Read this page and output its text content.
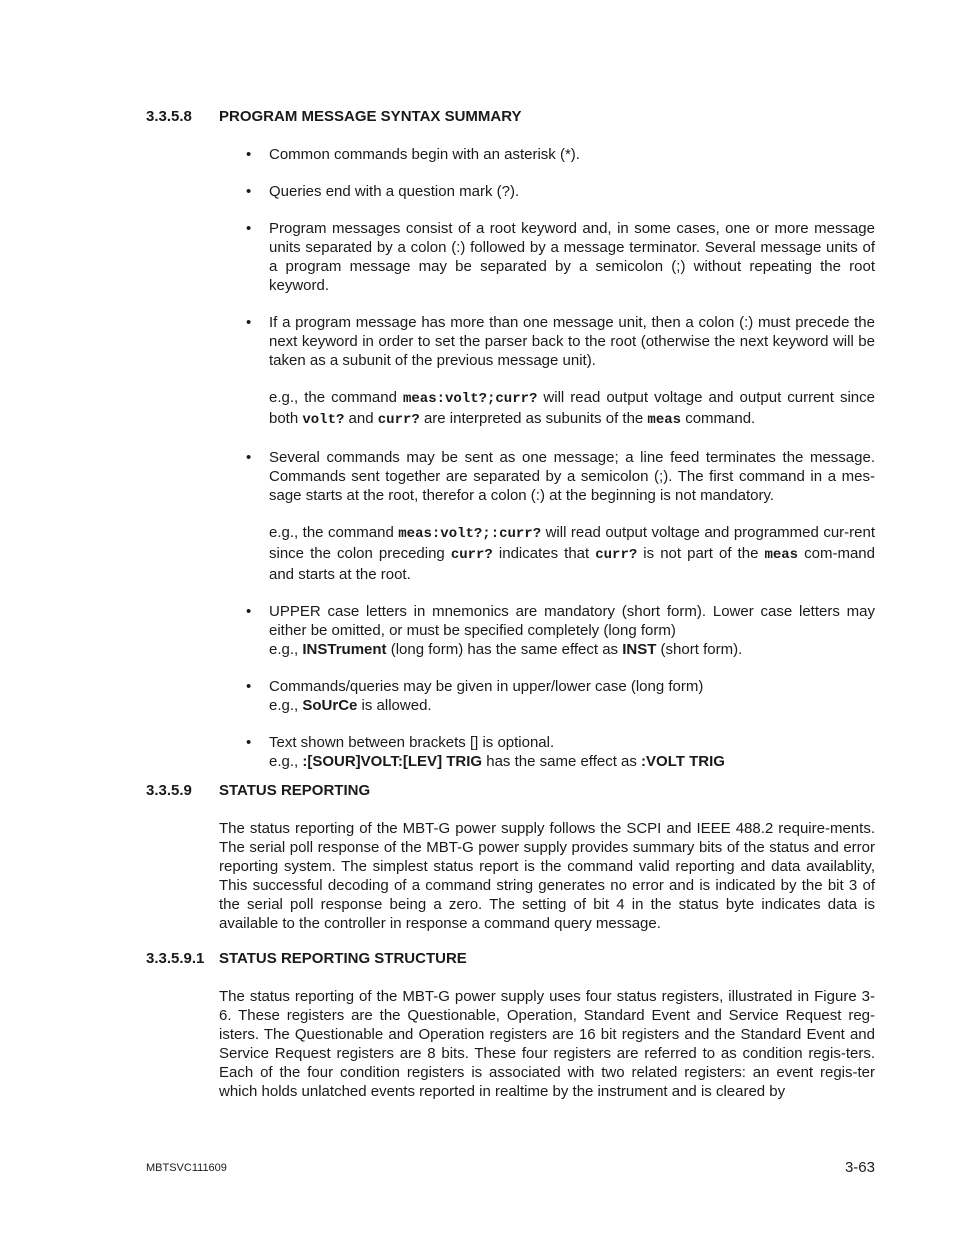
3.3.5.8 PROGRAM MESSAGE SYNTAX SUMMARY
• Common commands begin with an asterisk (*).

• Queries end with a question mark (?).

• Program messages consist of a root keyword and, in some cases, one or more message units separated by a colon (:) followed by a message terminator. Several message units of a program message may be separated by a semicolon (;) without repeating the root keyword.

• If a program message has more than one message unit, then a colon (:) must precede the next keyword in order to set the parser back to the root (otherwise the next keyword will be taken as a subunit of the previous message unit).

e.g., the command meas:volt?;curr? will read output voltage and output current since both volt? and curr? are interpreted as subunits of the meas command.

• Several commands may be sent as one message; a line feed terminates the message. Commands sent together are separated by a semicolon (;). The first command in a mes-sage starts at the root, therefor a colon (:) at the beginning is not mandatory.

e.g., the command meas:volt?;:curr? will read output voltage and programmed cur-rent since the colon preceding curr? indicates that curr? is not part of the meas com-mand and starts at the root.

• UPPER case letters in mnemonics are mandatory (short form). Lower case letters may either be omitted, or must be specified completely (long form)
e.g., INSTrument (long form) has the same effect as INST (short form).

• Commands/queries may be given in upper/lower case (long form)
e.g., SoUrCe is allowed.

• Text shown between brackets [] is optional.
e.g., :[SOUR]VOLT:[LEV] TRIG has the same effect as :VOLT TRIG

3.3.5.9 STATUS REPORTING

The status reporting of the MBT-G power supply follows the SCPI and IEEE 488.2 require-ments. The serial poll response of the MBT-G power supply provides summary bits of the status and error reporting system. The simplest status report is the command valid reporting and data availablity, This successful decoding of a command string generates no error and is indicated by the bit 3 of the serial poll response being a zero. The setting of bit 4 in the status byte indicates data is available to the controller in response a command query message.

3.3.5.9.1 STATUS REPORTING STRUCTURE

The status reporting of the MBT-G power supply uses four status registers, illustrated in Figure 3-6. These registers are the Questionable, Operation, Standard Event and Service Request reg-isters. The Questionable and Operation registers are 16 bit registers and the Standard Event and Service Request registers are 8 bits. These four registers are referred to as condition regis-ters. Each of the four condition registers is associated with two related registers: an event regis-ter which holds unlatched events reported in realtime by the instrument and is cleared by

MBTSVC111609	3-63
